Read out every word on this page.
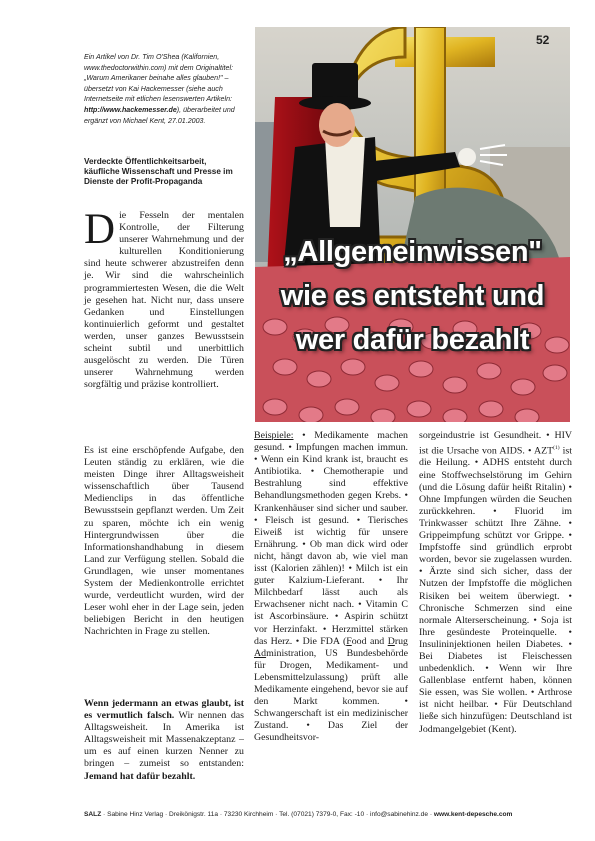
Ein Artikel von Dr. Tim O'Shea (Kalifornien, www.thedoctorwithin.com) mit dem Originaltitel: „Warum Amerikaner beinahe alles glauben!" – übersetzt von Kai Hackemesser (siehe auch Internetseite mit etlichen lesenswerten Artikeln: http://www.hackemesser.de), überarbeitet und ergänzt von Michael Kent, 27.01.2003.
Verdeckte Öffentlichkeitsarbeit, käufliche Wissenschaft und Presse im Dienste der Profit-Propaganda
52
„Allgemeinwissen"
wie es entsteht und
wer dafür bezahlt

Die Fesseln der mentalen Kontrolle, der Filterung unserer Wahrnehmung und der kulturellen Konditionierung sind heute schwerer abzustreifen denn je. Wir sind die wahrscheinlich programmiertesten Wesen, die die Welt je gesehen hat. Nicht nur, dass unsere Gedanken und Einstellungen kontinuierlich geformt und gestaltet werden, unser ganzes Bewusstsein scheint subtil und unerbittlich ausgelöscht zu werden. Die Türen unserer Wahrnehmung werden sorgfältig und präzise kontrolliert.

Es ist eine erschöpfende Aufgabe, den Leuten ständig zu erklären, wie die meisten Dinge ihrer Alltagsweisheit wissenschaftlich über Tausend Medienclips in das öffentliche Bewusstsein gepflanzt werden. Um Zeit zu sparen, möchte ich ein wenig Hintergrundwissen über die Informationshandhabung in diesem Land zur Verfügung stellen. Sobald die Grundlagen, wie unser momentanes System der Medienkontrolle errichtet wurde, verdeutlicht wurden, wird der Leser wohl eher in der Lage sein, jeden beliebigen Bericht in den heutigen Nachrichten in Frage zu stellen.

Wenn jedermann an etwas glaubt, ist es vermutlich falsch. Wir nennen das Alltagsweisheit. In Amerika ist Alltagsweisheit mit Massenakzeptanz – um es auf einen kurzen Nenner zu bringen – zumeist so entstanden: Jemand hat dafür bezahlt.

Beispiele: • Medikamente machen gesund. • Impfungen machen immun. • Wenn ein Kind krank ist, braucht es Antibiotika. • Chemotherapie und Bestrahlung sind effektive Behandlungsmethoden gegen Krebs. • Krankenhäuser sind sicher und sauber. • Fleisch ist gesund. • Tierisches Eiweiß ist wichtig für unsere Ernährung. • Ob man dick wird oder nicht, hängt davon ab, wie viel man isst (Kalorien zählen)! • Milch ist ein guter Kalzium-Lieferant. • Ihr Milchbedarf lässt auch als Erwachsener nicht nach. • Vitamin C ist Ascorbinsäure. • Aspirin schützt vor Herzinfakt. • Herzmittel stärken das Herz. • Die FDA (Food and Drug Administration, US Bundesbehörde für Drogen, Medikament- und Lebensmittelzulassung) prüft alle Medikamente eingehend, bevor sie auf den Markt kommen. • Schwangerschaft ist ein medizinischer Zustand. • Das Ziel der Gesundheitsvor-

sorgeindustrie ist Gesundheit. • HIV ist die Ursache von AIDS. • AZT$^{(1)}$ ist die Heilung. • ADHS entsteht durch eine Stoffwechselstörung im Gehirn (und die Lösung dafür heißt Ritalin) • Ohne Impfungen würden die Seuchen zurückkehren. • Fluorid im Trinkwasser schützt Ihre Zähne. • Grippeimpfung schützt vor Grippe. • Impfstoffe sind gründlich erprobt worden, bevor sie zugelassen wurden. • Ärzte sind sich sicher, dass der Nutzen der Impfstoffe die möglichen Risiken bei weitem überwiegt. • Chronische Schmerzen sind eine normale Alterserscheinung. • Soja ist Ihre gesündeste Proteinquelle. • Insulininjektionen heilen Diabetes. • Bei Diabetes ist Fleischessen unbedenklich. • Wenn wir Ihre Gallenblase entfernt haben, können Sie essen, was Sie wollen. • Arthrose ist nicht heilbar. • Für Deutschland ließe sich hinzufügen: Deutschland ist Jodmangelgebiet (Kent).

SALZ · Sabine Hinz Verlag · Dreikönigstr. 11a · 73230 Kirchheim · Tel. (07021) 7379-0, Fax: -10 · info@sabinehinz.de · www.kent-depesche.com
